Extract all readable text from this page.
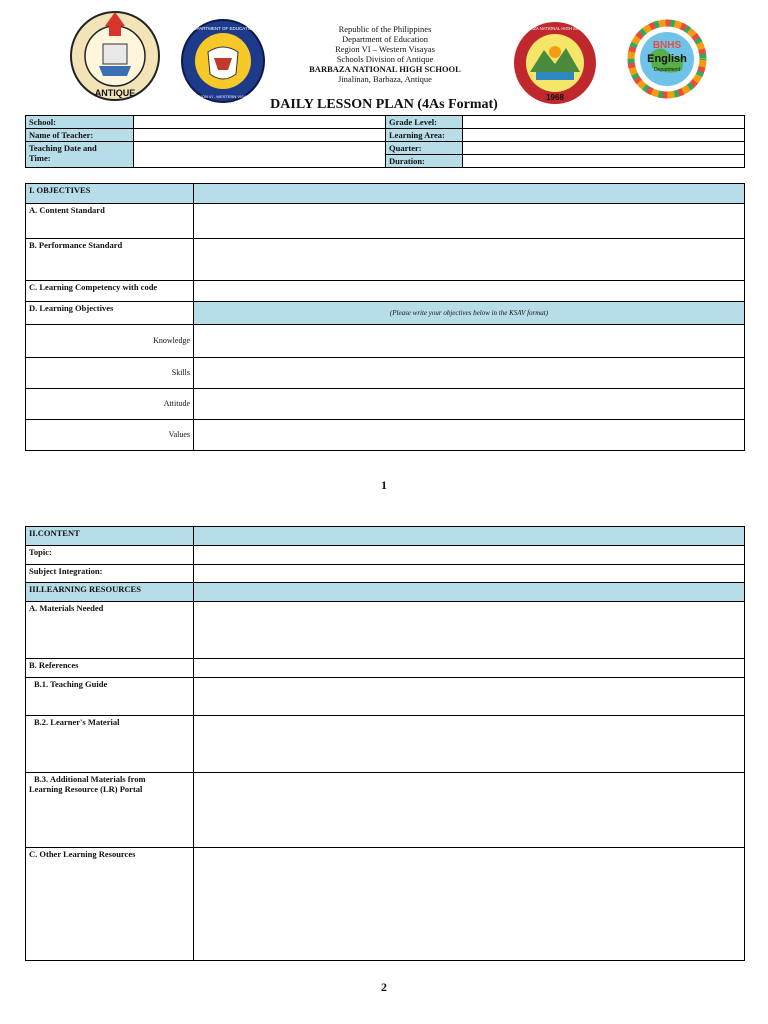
ANTIQUE
DEPARTMENT OF EDUCATION
REGION VI - WESTERN VISAYAS
BARBAZA NATIONAL HIGH SCHOOL
1968
BNHS
English
Department
Republic of the Philippines
Department of Education
Region VI – Western Visayas
Schools Division of Antique
BARBAZA NATIONAL HIGH SCHOOL
Jinalinan, Barbaza, Antique
DAILY LESSON PLAN (4As Format)
School:		Grade Level:	
Name of Teacher:		Learning Area:	

Teaching Date and
Time:		Quarter:	
		Duration:	
I. OBJECTIVES	
A. Content Standard	
B. Performance Standard	
C. Learning Competency with code	
D. Learning Objectives	(Please write your objectives below in the KSAV format)
Knowledge	
Skills	
Attitude	
Values	
1
II.CONTENT	
Topic:	
Subject Integration:	
III.LEARNING RESOURCES	
A. Materials Needed	
B. References	
B.1. Teaching Guide	
B.2. Learner's Material	

B.3. Additional Materials from
Learning Resource (LR) Portal	

C. Other Learning Resources	
2
